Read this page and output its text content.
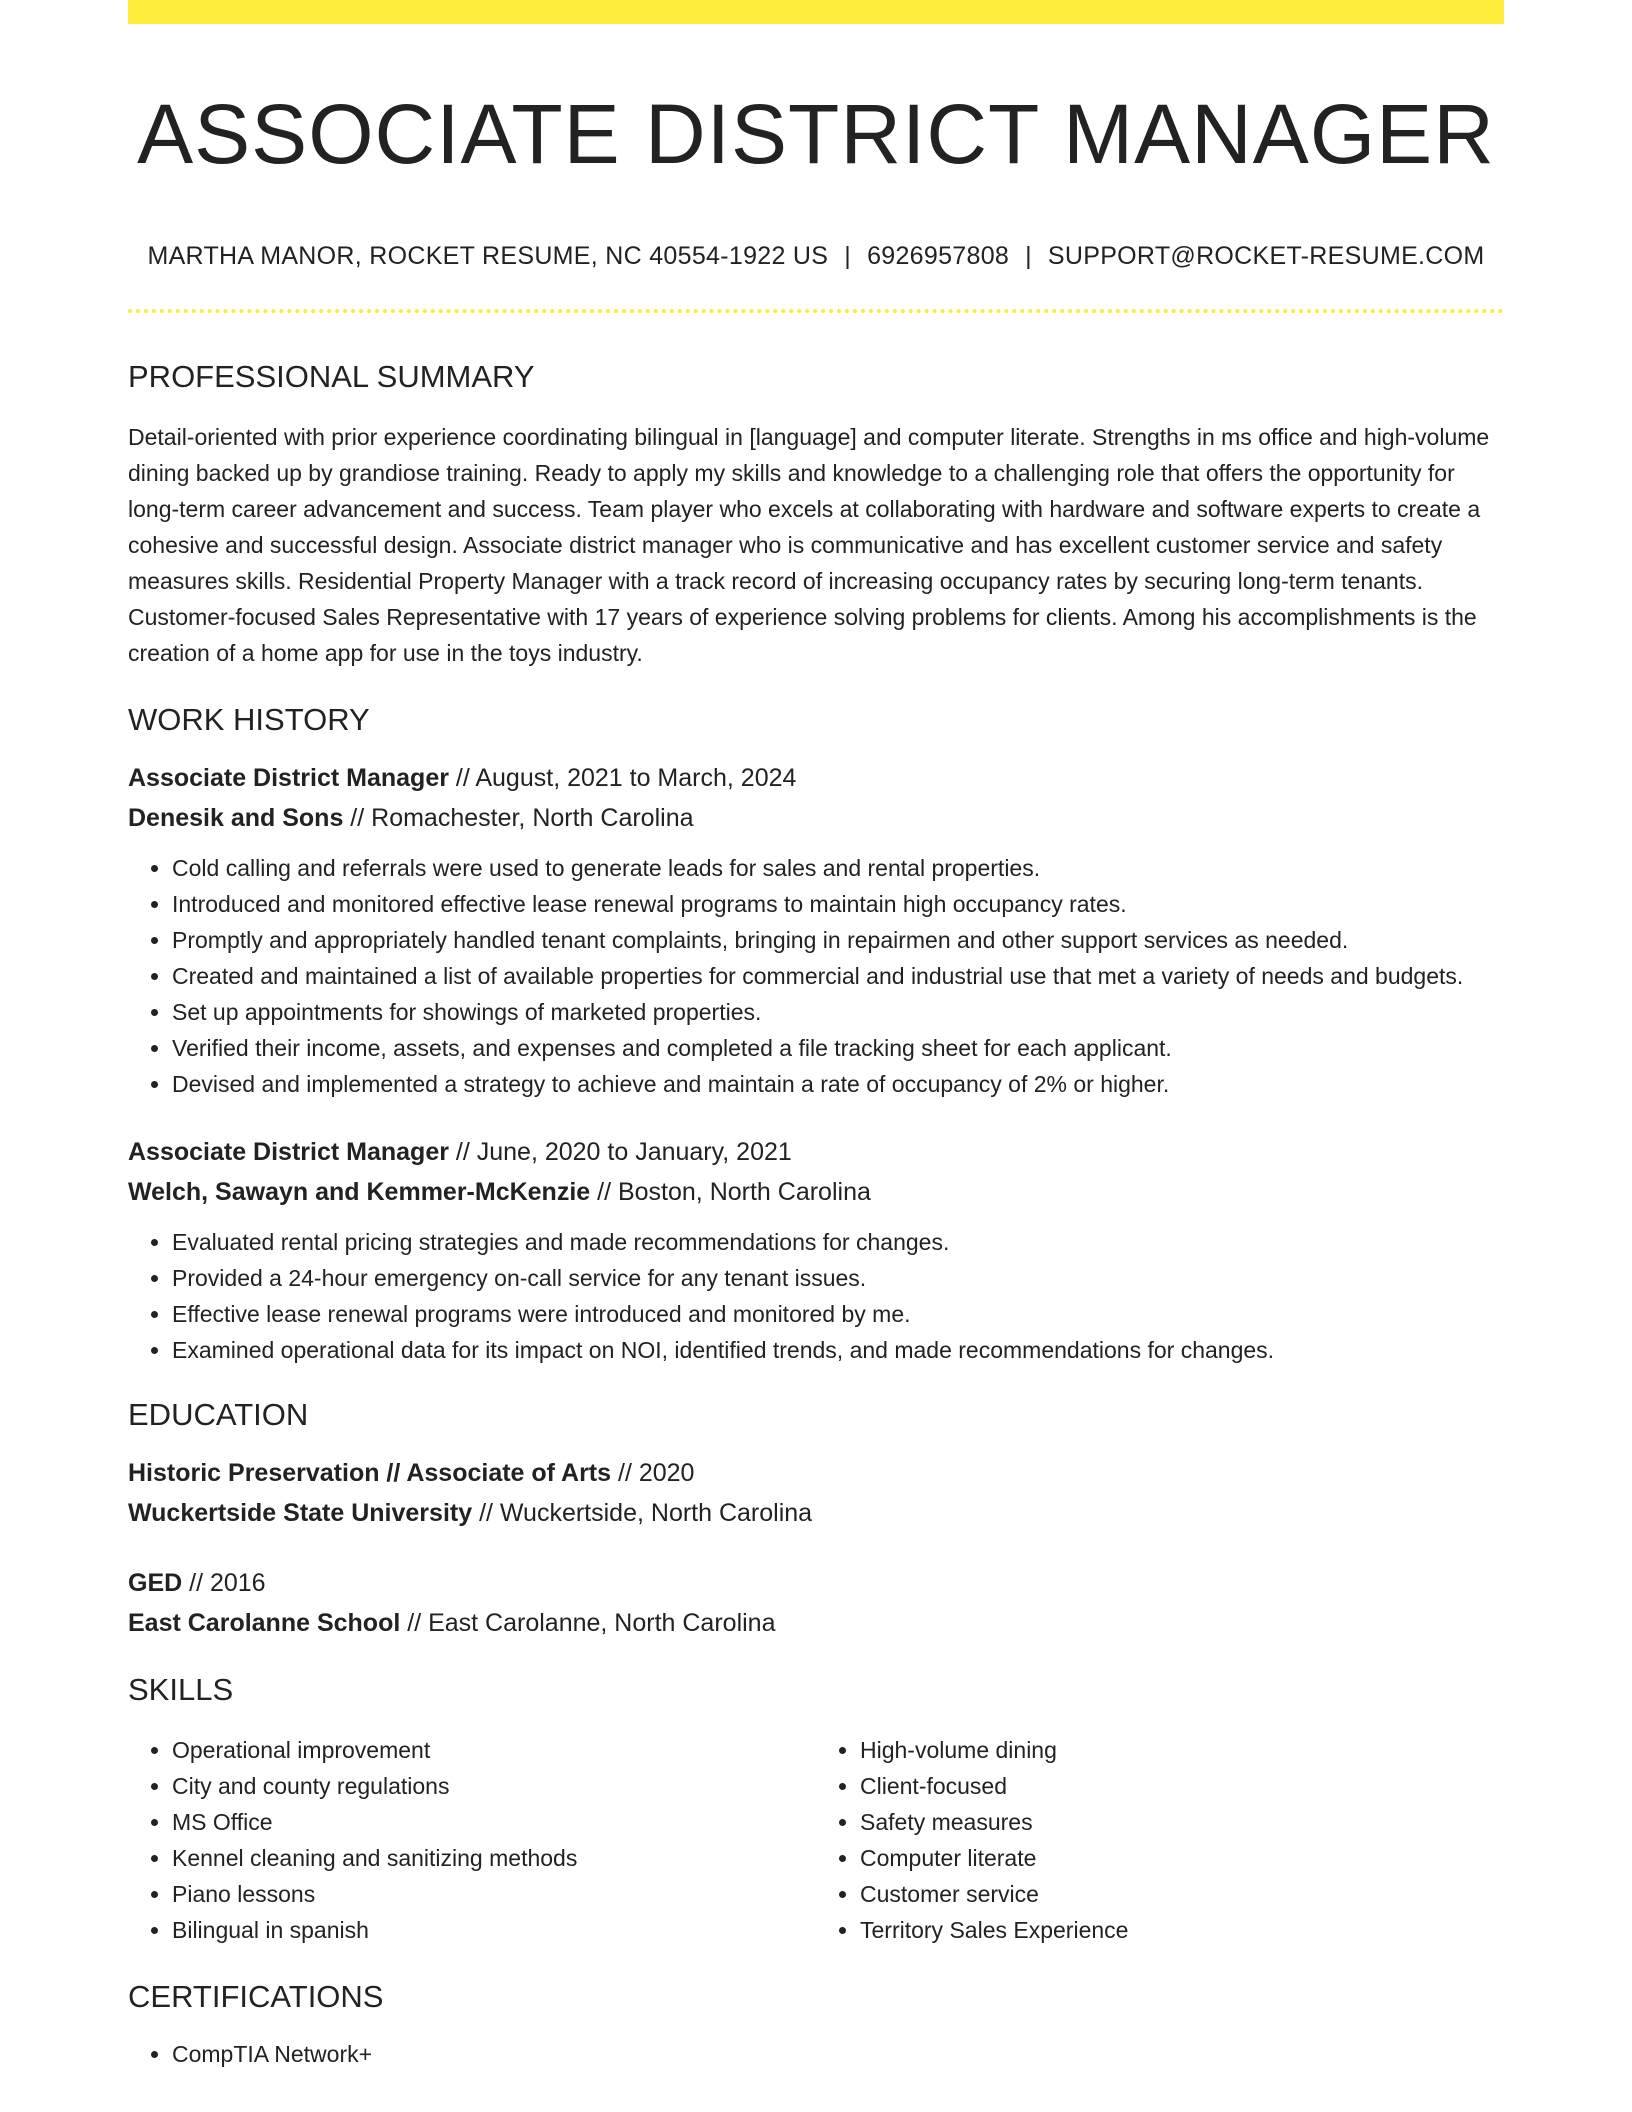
ASSOCIATE DISTRICT MANAGER
MARTHA MANOR, ROCKET RESUME, NC 40554-1922 US | 6926957808 | SUPPORT@ROCKET-RESUME.COM
PROFESSIONAL SUMMARY
Detail-oriented with prior experience coordinating bilingual in [language] and computer literate. Strengths in ms office and high-volume dining backed up by grandiose training. Ready to apply my skills and knowledge to a challenging role that offers the opportunity for long-term career advancement and success. Team player who excels at collaborating with hardware and software experts to create a cohesive and successful design. Associate district manager who is communicative and has excellent customer service and safety measures skills. Residential Property Manager with a track record of increasing occupancy rates by securing long-term tenants. Customer-focused Sales Representative with 17 years of experience solving problems for clients. Among his accomplishments is the creation of a home app for use in the toys industry.
WORK HISTORY
Associate District Manager // August, 2021 to March, 2024
Denesik and Sons // Romachester, North Carolina
• Cold calling and referrals were used to generate leads for sales and rental properties.
• Introduced and monitored effective lease renewal programs to maintain high occupancy rates.
• Promptly and appropriately handled tenant complaints, bringing in repairmen and other support services as needed.
• Created and maintained a list of available properties for commercial and industrial use that met a variety of needs and budgets.
• Set up appointments for showings of marketed properties.
• Verified their income, assets, and expenses and completed a file tracking sheet for each applicant.
• Devised and implemented a strategy to achieve and maintain a rate of occupancy of 2% or higher.
Associate District Manager // June, 2020 to January, 2021
Welch, Sawayn and Kemmer-McKenzie // Boston, North Carolina
• Evaluated rental pricing strategies and made recommendations for changes.
• Provided a 24-hour emergency on-call service for any tenant issues.
• Effective lease renewal programs were introduced and monitored by me.
• Examined operational data for its impact on NOI, identified trends, and made recommendations for changes.
EDUCATION
Historic Preservation // Associate of Arts // 2020
Wuckertside State University // Wuckertside, North Carolina
GED // 2016
East Carolanne School // East Carolanne, North Carolina
SKILLS
• Operational improvement
• City and county regulations
• MS Office
• Kennel cleaning and sanitizing methods
• Piano lessons
• Bilingual in spanish
• High-volume dining
• Client-focused
• Safety measures
• Computer literate
• Customer service
• Territory Sales Experience
CERTIFICATIONS
• CompTIA Network+
